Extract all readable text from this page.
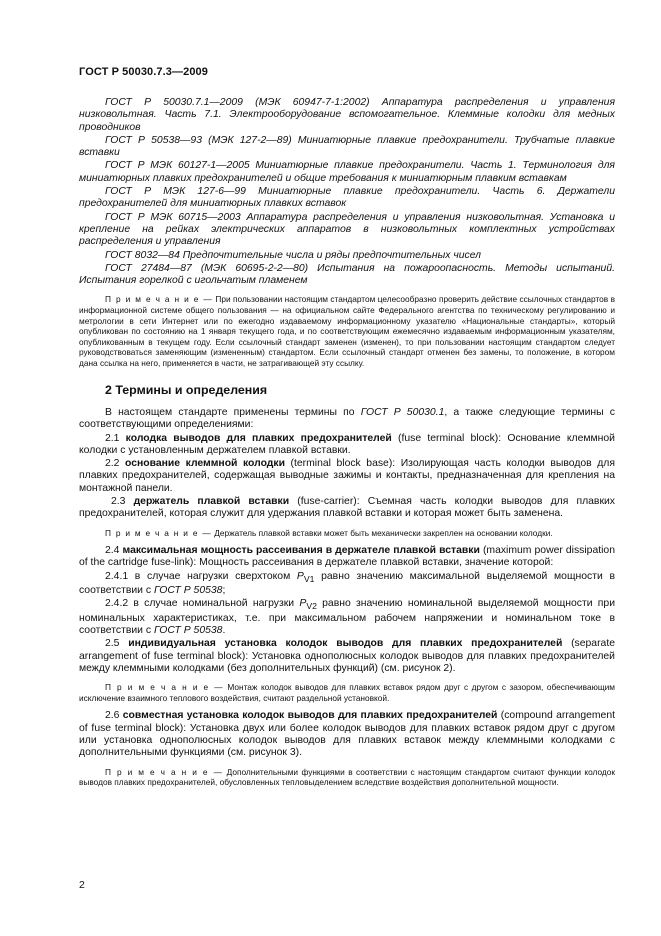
ГОСТ Р 50030.7.3—2009

ГОСТ Р 50030.7.1—2009 (МЭК 60947-7-1:2002) Аппаратура распределения и управления низковольтная. Часть 7.1. Электрооборудование вспомогательное. Клеммные колодки для медных проводников

ГОСТ Р 50538—93 (МЭК 127-2—89) Миниатюрные плавкие предохранители. Трубчатые плавкие вставки

ГОСТ Р МЭК 60127-1—2005 Миниатюрные плавкие предохранители. Часть 1. Терминология для миниатюрных плавких предохранителей и общие требования к миниатюрным плавким вставкам

ГОСТ Р МЭК 127-6—99 Миниатюрные плавкие предохранители. Часть 6. Держатели предохранителей для миниатюрных плавких вставок

ГОСТ Р МЭК 60715—2003 Аппаратура распределения и управления низковольтная. Установка и крепление на рейках электрических аппаратов в низковольтных комплектных устройствах распределения и управления

ГОСТ 8032—84 Предпочтительные числа и ряды предпочтительных чисел

ГОСТ 27484—87 (МЭК 60695-2-2—80) Испытания на пожароопасность. Методы испытаний. Испытания горелкой с игольчатым пламенем

П р и м е ч а н и е — При пользовании настоящим стандартом целесообразно проверить действие ссылочных стандартов в информационной системе общего пользования — на официальном сайте Федерального агентства по техническому регулированию и метрологии в сети Интернет или по ежегодно издаваемому информационному указателю «Национальные стандарты», который опубликован по состоянию на 1 января текущего года, и по соответствующим ежемесячно издаваемым информационным указателям, опубликованным в текущем году. Если ссылочный стандарт заменен (изменен), то при пользовании настоящим стандартом следует руководствоваться заменяющим (измененным) стандартом. Если ссылочный стандарт отменен без замены, то положение, в котором дана ссылка на него, применяется в части, не затрагивающей эту ссылку.

2 Термины и определения

В настоящем стандарте применены термины по ГОСТ Р 50030.1, а также следующие термины с соответствующими определениями:

2.1 колодка выводов для плавких предохранителей (fuse terminal block): Основание клеммной колодки с установленным держателем плавкой вставки.

2.2 основание клеммной колодки (terminal block base): Изолирующая часть колодки выводов для плавких предохранителей, содержащая выводные зажимы и контакты, предназначенная для крепления на монтажной панели.

2.3 держатель плавкой вставки (fuse-carrier): Съемная часть колодки выводов для плавких предохранителей, которая служит для удержания плавкой вставки и которая может быть заменена.

П р и м е ч а н и е — Держатель плавкой вставки может быть механически закреплен на основании колодки.

2.4 максимальная мощность рассеивания в держателе плавкой вставки (maximum power dissipation of the cartridge fuse-link): Мощность рассеивания в держателе плавкой вставки, значение которой:

2.4.1 в случае нагрузки сверхтоком $P_{V1}$ равно значению максимальной выделяемой мощности в соответствии с ГОСТ Р 50538;

2.4.2 в случае номинальной нагрузки $P_{V2}$ равно значению номинальной выделяемой мощности при номинальных характеристиках, т.е. при максимальном рабочем напряжении и номинальном токе в соответствии с ГОСТ Р 50538.

2.5 индивидуальная установка колодок выводов для плавких предохранителей (separate arrangement of fuse terminal block): Установка однополюсных колодок выводов для плавких предохранителей между клеммными колодками (без дополнительных функций) (см. рисунок 2).

П р и м е ч а н и е — Монтаж колодок выводов для плавких вставок рядом друг с другом с зазором, обеспечивающим исключение взаимного теплового воздействия, считают раздельной установкой.

2.6 совместная установка колодок выводов для плавких предохранителей (compound arrangement of fuse terminal block): Установка двух или более колодок выводов для плавких вставок рядом друг с другом или установка однополюсных колодок выводов для плавких вставок между клеммными колодками с дополнительными функциями (см. рисунок 3).

П р и м е ч а н и е — Дополнительными функциями в соответствии с настоящим стандартом считают функции колодок выводов плавких предохранителей, обусловленных тепловыделением вследствие воздействия дополнительной мощности.

2
